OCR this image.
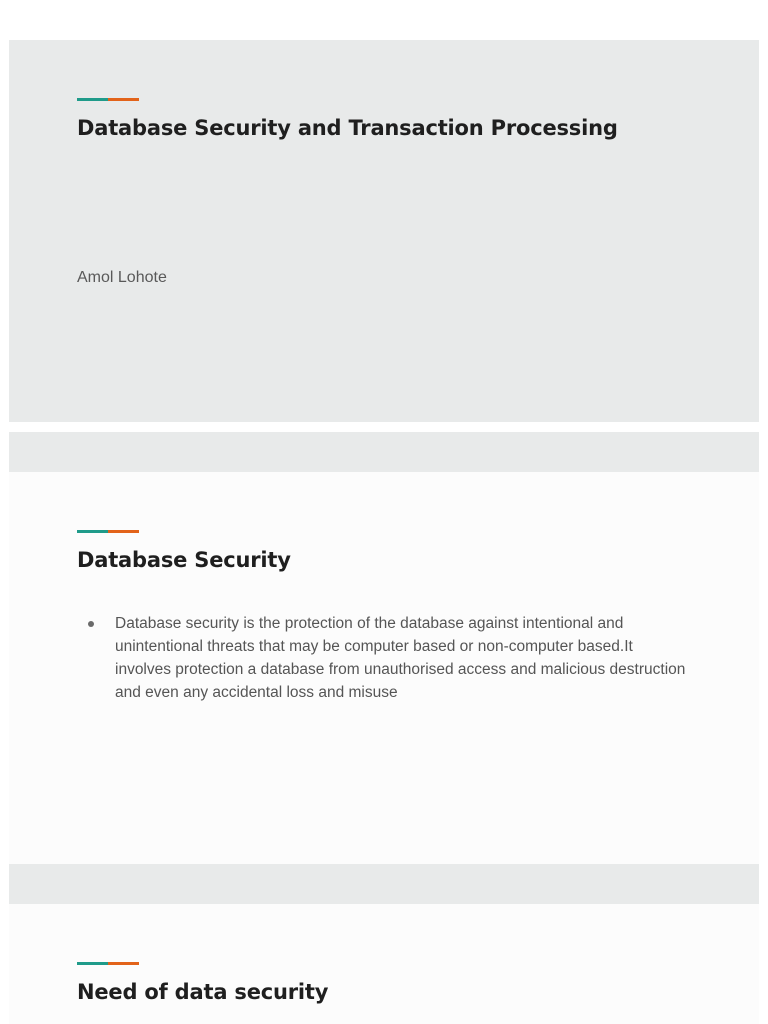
Database Security and Transaction Processing

Amol Lohote

Database Security
Database security is the protection of the database against intentional and unintentional threats that may be computer based or non-computer based.It involves protection a database from unauthorised access and malicious destruction and even any accidental loss and misuse
Need of data security
